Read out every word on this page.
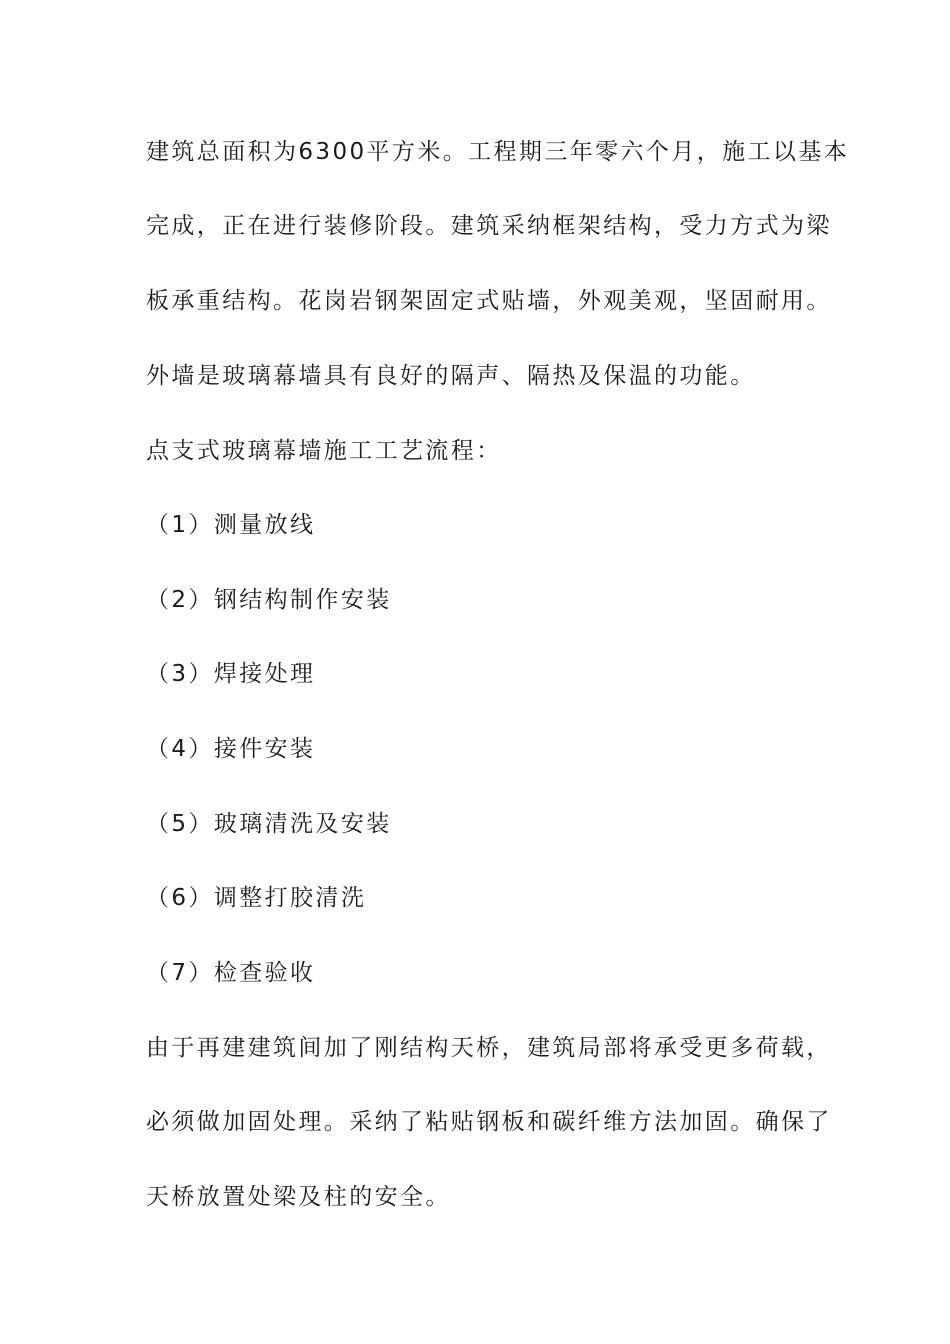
建筑总面积为6300平方米。工程期三年零六个月，施工以基本
完成，正在进行装修阶段。建筑采纳框架结构，受力方式为梁
板承重结构。花岗岩钢架固定式贴墙，外观美观，坚固耐用。
外墙是玻璃幕墙具有良好的隔声、隔热及保温的功能。
点支式玻璃幕墙施工工艺流程：
（1）测量放线
（2）钢结构制作安装
（3）焊接处理
（4）接件安装
（5）玻璃清洗及安装
（6）调整打胶清洗
（7）检查验收
由于再建建筑间加了刚结构天桥，建筑局部将承受更多荷载，
必须做加固处理。采纳了粘贴钢板和碳纤维方法加固。确保了
天桥放置处梁及柱的安全。
